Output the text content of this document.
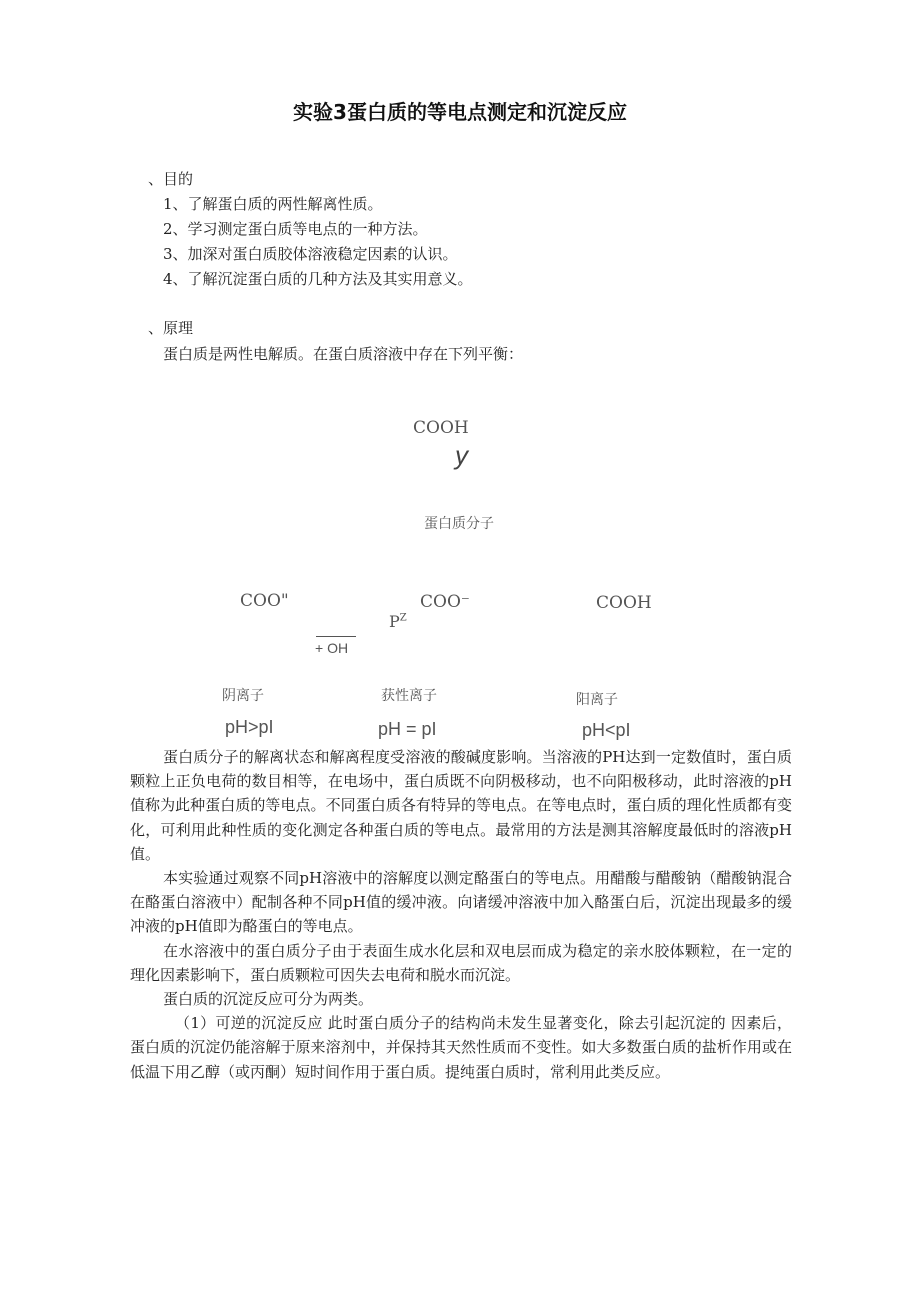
实验3蛋白质的等电点测定和沉淀反应
、目的
1、了解蛋白质的两性解离性质。
2、学习测定蛋白质等电点的一种方法。
3、加深对蛋白质胶体溶液稳定因素的认识。
4、了解沉淀蛋白质的几种方法及其实用意义。
、原理
蛋白质是两性电解质。在蛋白质溶液中存在下列平衡：
COOH
y
蛋白质分子
COO"	COO⁻	COOH
$P^Z$
+ OH
阴离子	获性离子	阳离子
pH>pI	pH = pI	pH<pI

蛋白质分子的解离状态和解离程度受溶液的酸碱度影响。当溶液的PH达到一定数值时，蛋白质颗粒上正负电荷的数目相等，在电场中，蛋白质既不向阴极移动，也不向阳极移动，此时溶液的pH值称为此种蛋白质的等电点。不同蛋白质各有特异的等电点。在等电点时，蛋白质的理化性质都有变化，可利用此种性质的变化测定各种蛋白质的等电点。最常用的方法是测其溶解度最低时的溶液pH值。

本实验通过观察不同pH溶液中的溶解度以测定酪蛋白的等电点。用醋酸与醋酸钠（醋酸钠混合在酪蛋白溶液中）配制各种不同pH值的缓冲液。向诸缓冲溶液中加入酪蛋白后，沉淀出现最多的缓冲液的pH值即为酪蛋白的等电点。

在水溶液中的蛋白质分子由于表面生成水化层和双电层而成为稳定的亲水胶体颗粒，在一定的理化因素影响下，蛋白质颗粒可因失去电荷和脱水而沉淀。

蛋白质的沉淀反应可分为两类。

（1）可逆的沉淀反应 此时蛋白质分子的结构尚未发生显著变化，除去引起沉淀的 因素后，蛋白质的沉淀仍能溶解于原来溶剂中，并保持其天然性质而不变性。如大多数蛋白质的盐析作用或在低温下用乙醇（或丙酮）短时间作用于蛋白质。提纯蛋白质时，常利用此类反应。
